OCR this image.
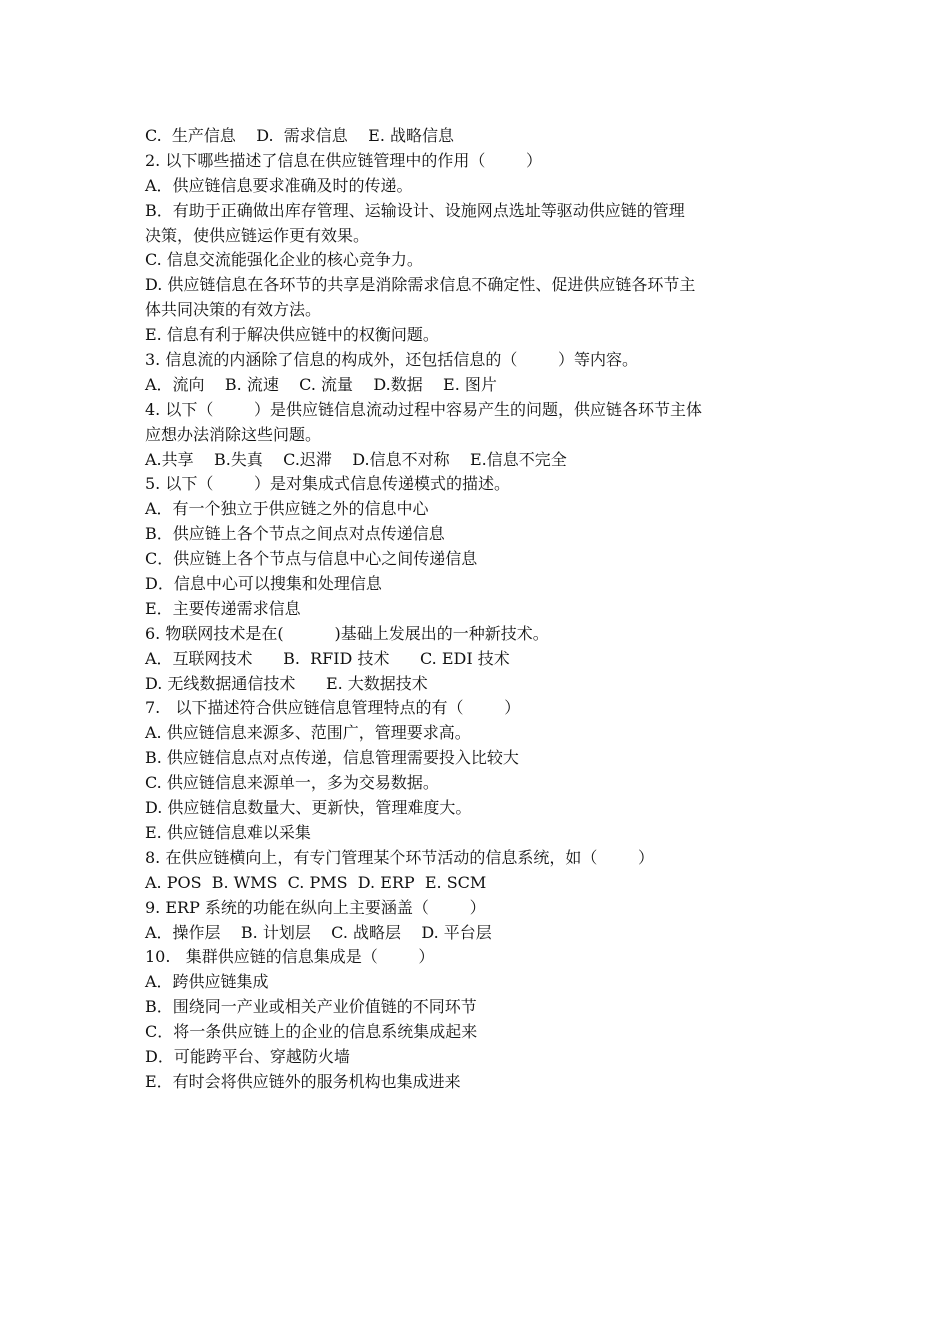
C.  生产信息    D.  需求信息    E. 战略信息
2. 以下哪些描述了信息在供应链管理中的作用（        ）
A．供应链信息要求准确及时的传递。
B．有助于正确做出库存管理、运输设计、设施网点选址等驱动供应链的管理
决策，使供应链运作更有效果。
C. 信息交流能强化企业的核心竞争力。
D. 供应链信息在各环节的共享是消除需求信息不确定性、促进供应链各环节主
体共同决策的有效方法。
E. 信息有利于解决供应链中的权衡问题。
3. 信息流的内涵除了信息的构成外，还包括信息的（        ）等内容。
A．流向    B. 流速    C. 流量    D.数据    E. 图片
4. 以下（        ）是供应链信息流动过程中容易产生的问题，供应链各环节主体
应想办法消除这些问题。
A.共享    B.失真    C.迟滞    D.信息不对称    E.信息不完全
5. 以下（        ）是对集成式信息传递模式的描述。
A．有一个独立于供应链之外的信息中心
B．供应链上各个节点之间点对点传递信息
C．供应链上各个节点与信息中心之间传递信息
D．信息中心可以搜集和处理信息
E．主要传递需求信息
6. 物联网技术是在(          )基础上发展出的一种新技术。
A．互联网技术      B.  RFID 技术      C. EDI 技术
D. 无线数据通信技术      E. 大数据技术
7.   以下描述符合供应链信息管理特点的有（        ）
A. 供应链信息来源多、范围广，管理要求高。
B. 供应链信息点对点传递，信息管理需要投入比较大
C. 供应链信息来源单一，多为交易数据。
D. 供应链信息数量大、更新快，管理难度大。
E. 供应链信息难以采集
8. 在供应链横向上，有专门管理某个环节活动的信息系统，如（        ）
A. POS  B. WMS  C. PMS  D. ERP  E. SCM
9. ERP 系统的功能在纵向上主要涵盖（        ）
A．操作层    B. 计划层    C. 战略层    D. 平台层
10.   集群供应链的信息集成是（        ）
A．跨供应链集成
B．围绕同一产业或相关产业价值链的不同环节
C．将一条供应链上的企业的信息系统集成起来
D．可能跨平台、穿越防火墙
E．有时会将供应链外的服务机构也集成进来
